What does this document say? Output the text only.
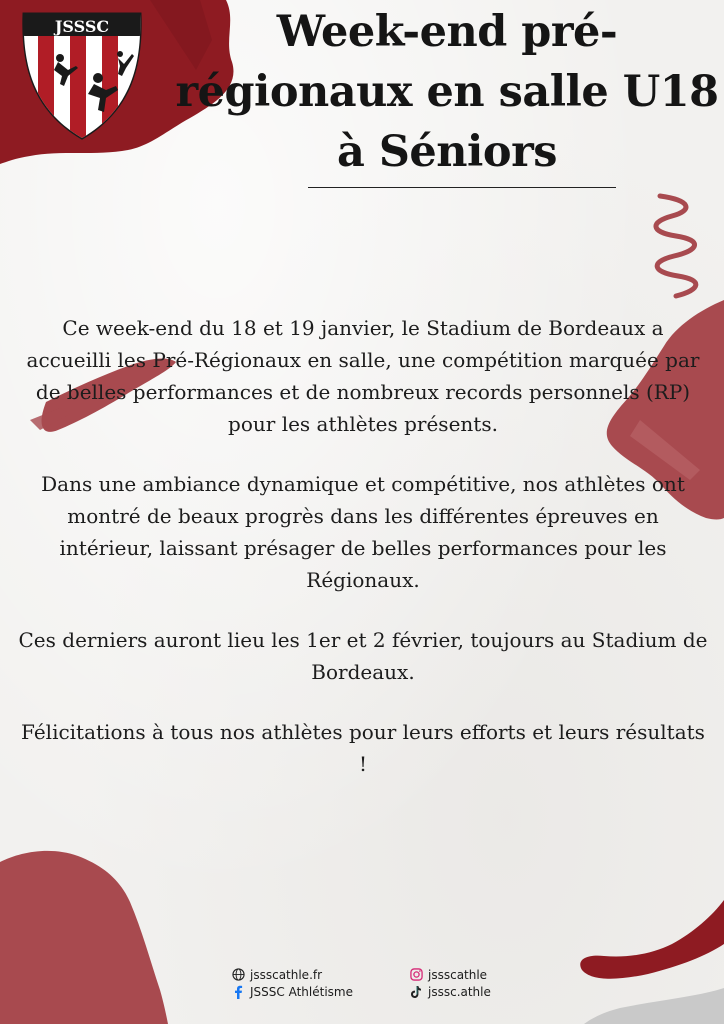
JSSSC	Week-end pré-régionaux en salle U18 à Séniors

Ce week-end du 18 et 19 janvier, le Stadium de Bordeaux a accueilli les Pré-Régionaux en salle, une compétition marquée par de belles performances et de nombreux records personnels (RP) pour les athlètes présents.

Dans une ambiance dynamique et compétitive, nos athlètes ont montré de beaux progrès dans les différentes épreuves en intérieur, laissant présager de belles performances pour les Régionaux.

Ces derniers auront lieu les 1er et 2 février, toujours au Stadium de Bordeaux.

Félicitations à tous nos athlètes pour leurs efforts et leurs résultats !

jssscathle.fr
JSSSC Athlétisme
jssscathle
jsssc.athle
